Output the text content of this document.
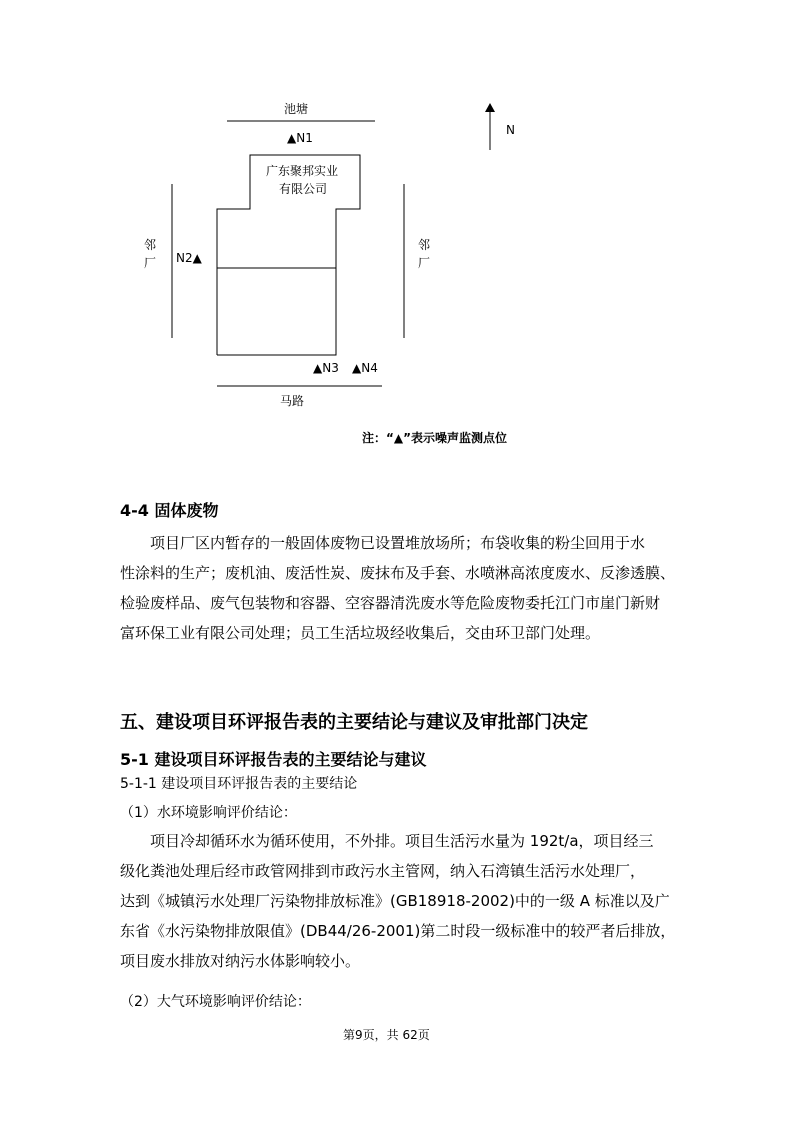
池塘
▲N1
广东聚邦实业
有限公司
邻
厂
邻
厂
N2▲
▲N3 ▲N4
马路
N
注：“▲”表示噪声监测点位
4-4 固体废物
项目厂区内暂存的一般固体废物已设置堆放场所；布袋收集的粉尘回用于水
性涂料的生产；废机油、废活性炭、废抹布及手套、水喷淋高浓度废水、反渗透膜、
检验废样品、废气包装物和容器、空容器清洗废水等危险废物委托江门市崖门新财
富环保工业有限公司处理；员工生活垃圾经收集后，交由环卫部门处理。
五、建设项目环评报告表的主要结论与建议及审批部门决定
5-1 建设项目环评报告表的主要结论与建议
5-1-1 建设项目环评报告表的主要结论
（1）水环境影响评价结论：
项目冷却循环水为循环使用，不外排。项目生活污水量为 192t/a，项目经三
级化粪池处理后经市政管网排到市政污水主管网，纳入石湾镇生活污水处理厂，
达到《城镇污水处理厂污染物排放标准》(GB18918-2002)中的一级 A 标准以及广
东省《水污染物排放限值》(DB44/26-2001)第二时段一级标准中的较严者后排放，
项目废水排放对纳污水体影响较小。
（2）大气环境影响评价结论：
第9页，共 62页
